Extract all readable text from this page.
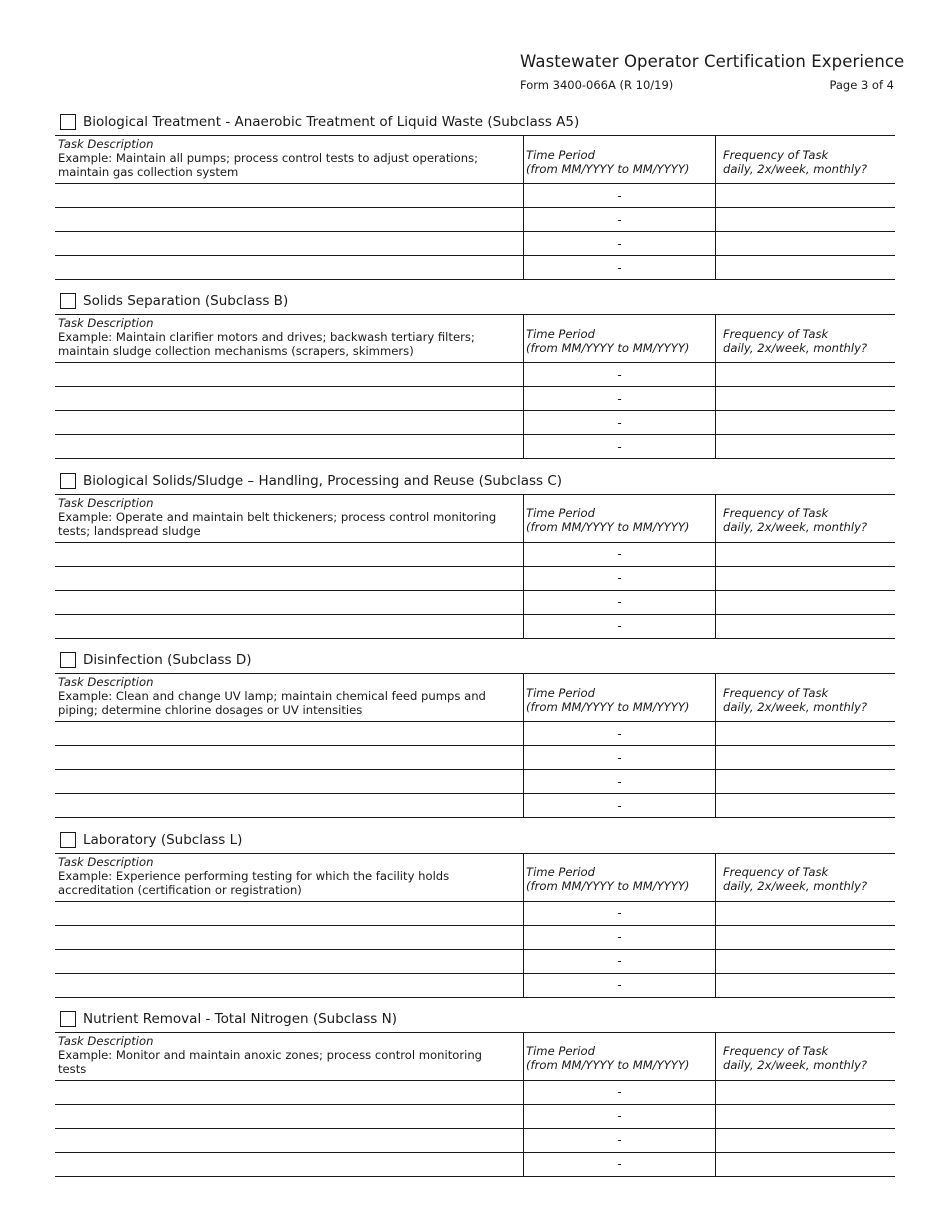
Wastewater Operator Certification Experience
Form 3400-066A (R 10/19)	Page 3 of 4
Biological Treatment - Anaerobic Treatment of Liquid Waste (Subclass A5)
Task Description
Example: Maintain all pumps; process control tests to adjust operations;
maintain gas collection system
Time Period
(from MM/YYYY to MM/YYYY)
Frequency of Task
daily, 2x/week, monthly?
-
-
-
-
Solids Separation (Subclass B)
Task Description
Example: Maintain clarifier motors and drives; backwash tertiary filters;
maintain sludge collection mechanisms (scrapers, skimmers)
Time Period
(from MM/YYYY to MM/YYYY)
Frequency of Task
daily, 2x/week, monthly?
-
-
-
-
Biological Solids/Sludge – Handling, Processing and Reuse (Subclass C)
Task Description
Example: Operate and maintain belt thickeners; process control monitoring
tests; landspread sludge
Time Period
(from MM/YYYY to MM/YYYY)
Frequency of Task
daily, 2x/week, monthly?
-
-
-
-
Disinfection (Subclass D)
Task Description
Example: Clean and change UV lamp; maintain chemical feed pumps and
piping; determine chlorine dosages or UV intensities
Time Period
(from MM/YYYY to MM/YYYY)
Frequency of Task
daily, 2x/week, monthly?
-
-
-
-
Laboratory (Subclass L)
Task Description
Example: Experience performing testing for which the facility holds
accreditation (certification or registration)
Time Period
(from MM/YYYY to MM/YYYY)
Frequency of Task
daily, 2x/week, monthly?
-
-
-
-
Nutrient Removal - Total Nitrogen (Subclass N)
Task Description
Example: Monitor and maintain anoxic zones; process control monitoring
tests
Time Period
(from MM/YYYY to MM/YYYY)
Frequency of Task
daily, 2x/week, monthly?
-
-
-
-
